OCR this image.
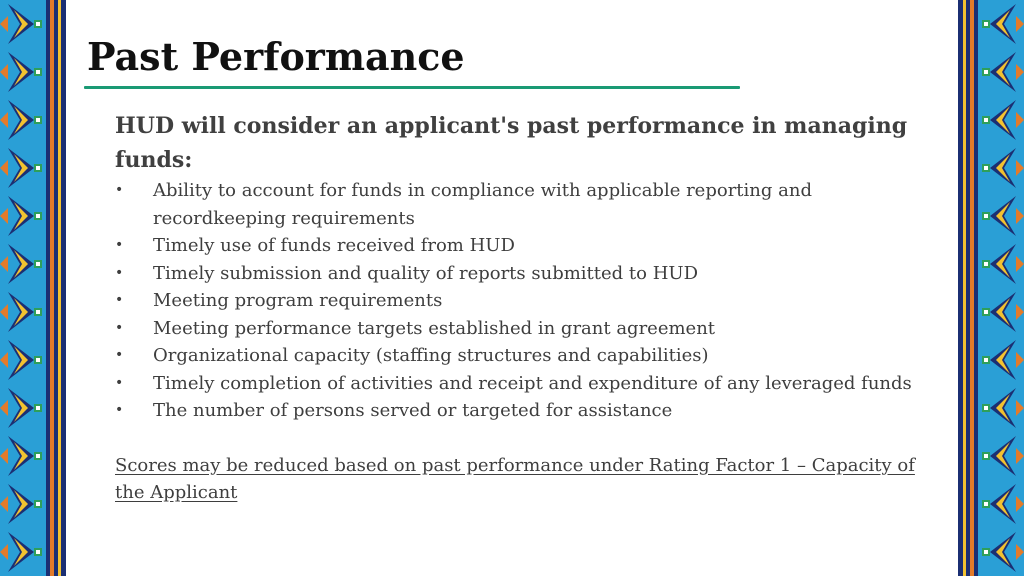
Past Performance

HUD will consider an applicant's past performance in managing funds:

•	Ability to account for funds in compliance with applicable reporting and recordkeeping requirements
•	Timely use of funds received from HUD
•	Timely submission and quality of reports submitted to HUD
•	Meeting program requirements
•	Meeting performance targets established in grant agreement
•	Organizational capacity (staffing structures and capabilities)
•	Timely completion of activities and receipt and expenditure of any leveraged funds
•	The number of persons served or targeted for assistance

Scores may be reduced based on past performance under Rating Factor 1 – Capacity of the Applicant
